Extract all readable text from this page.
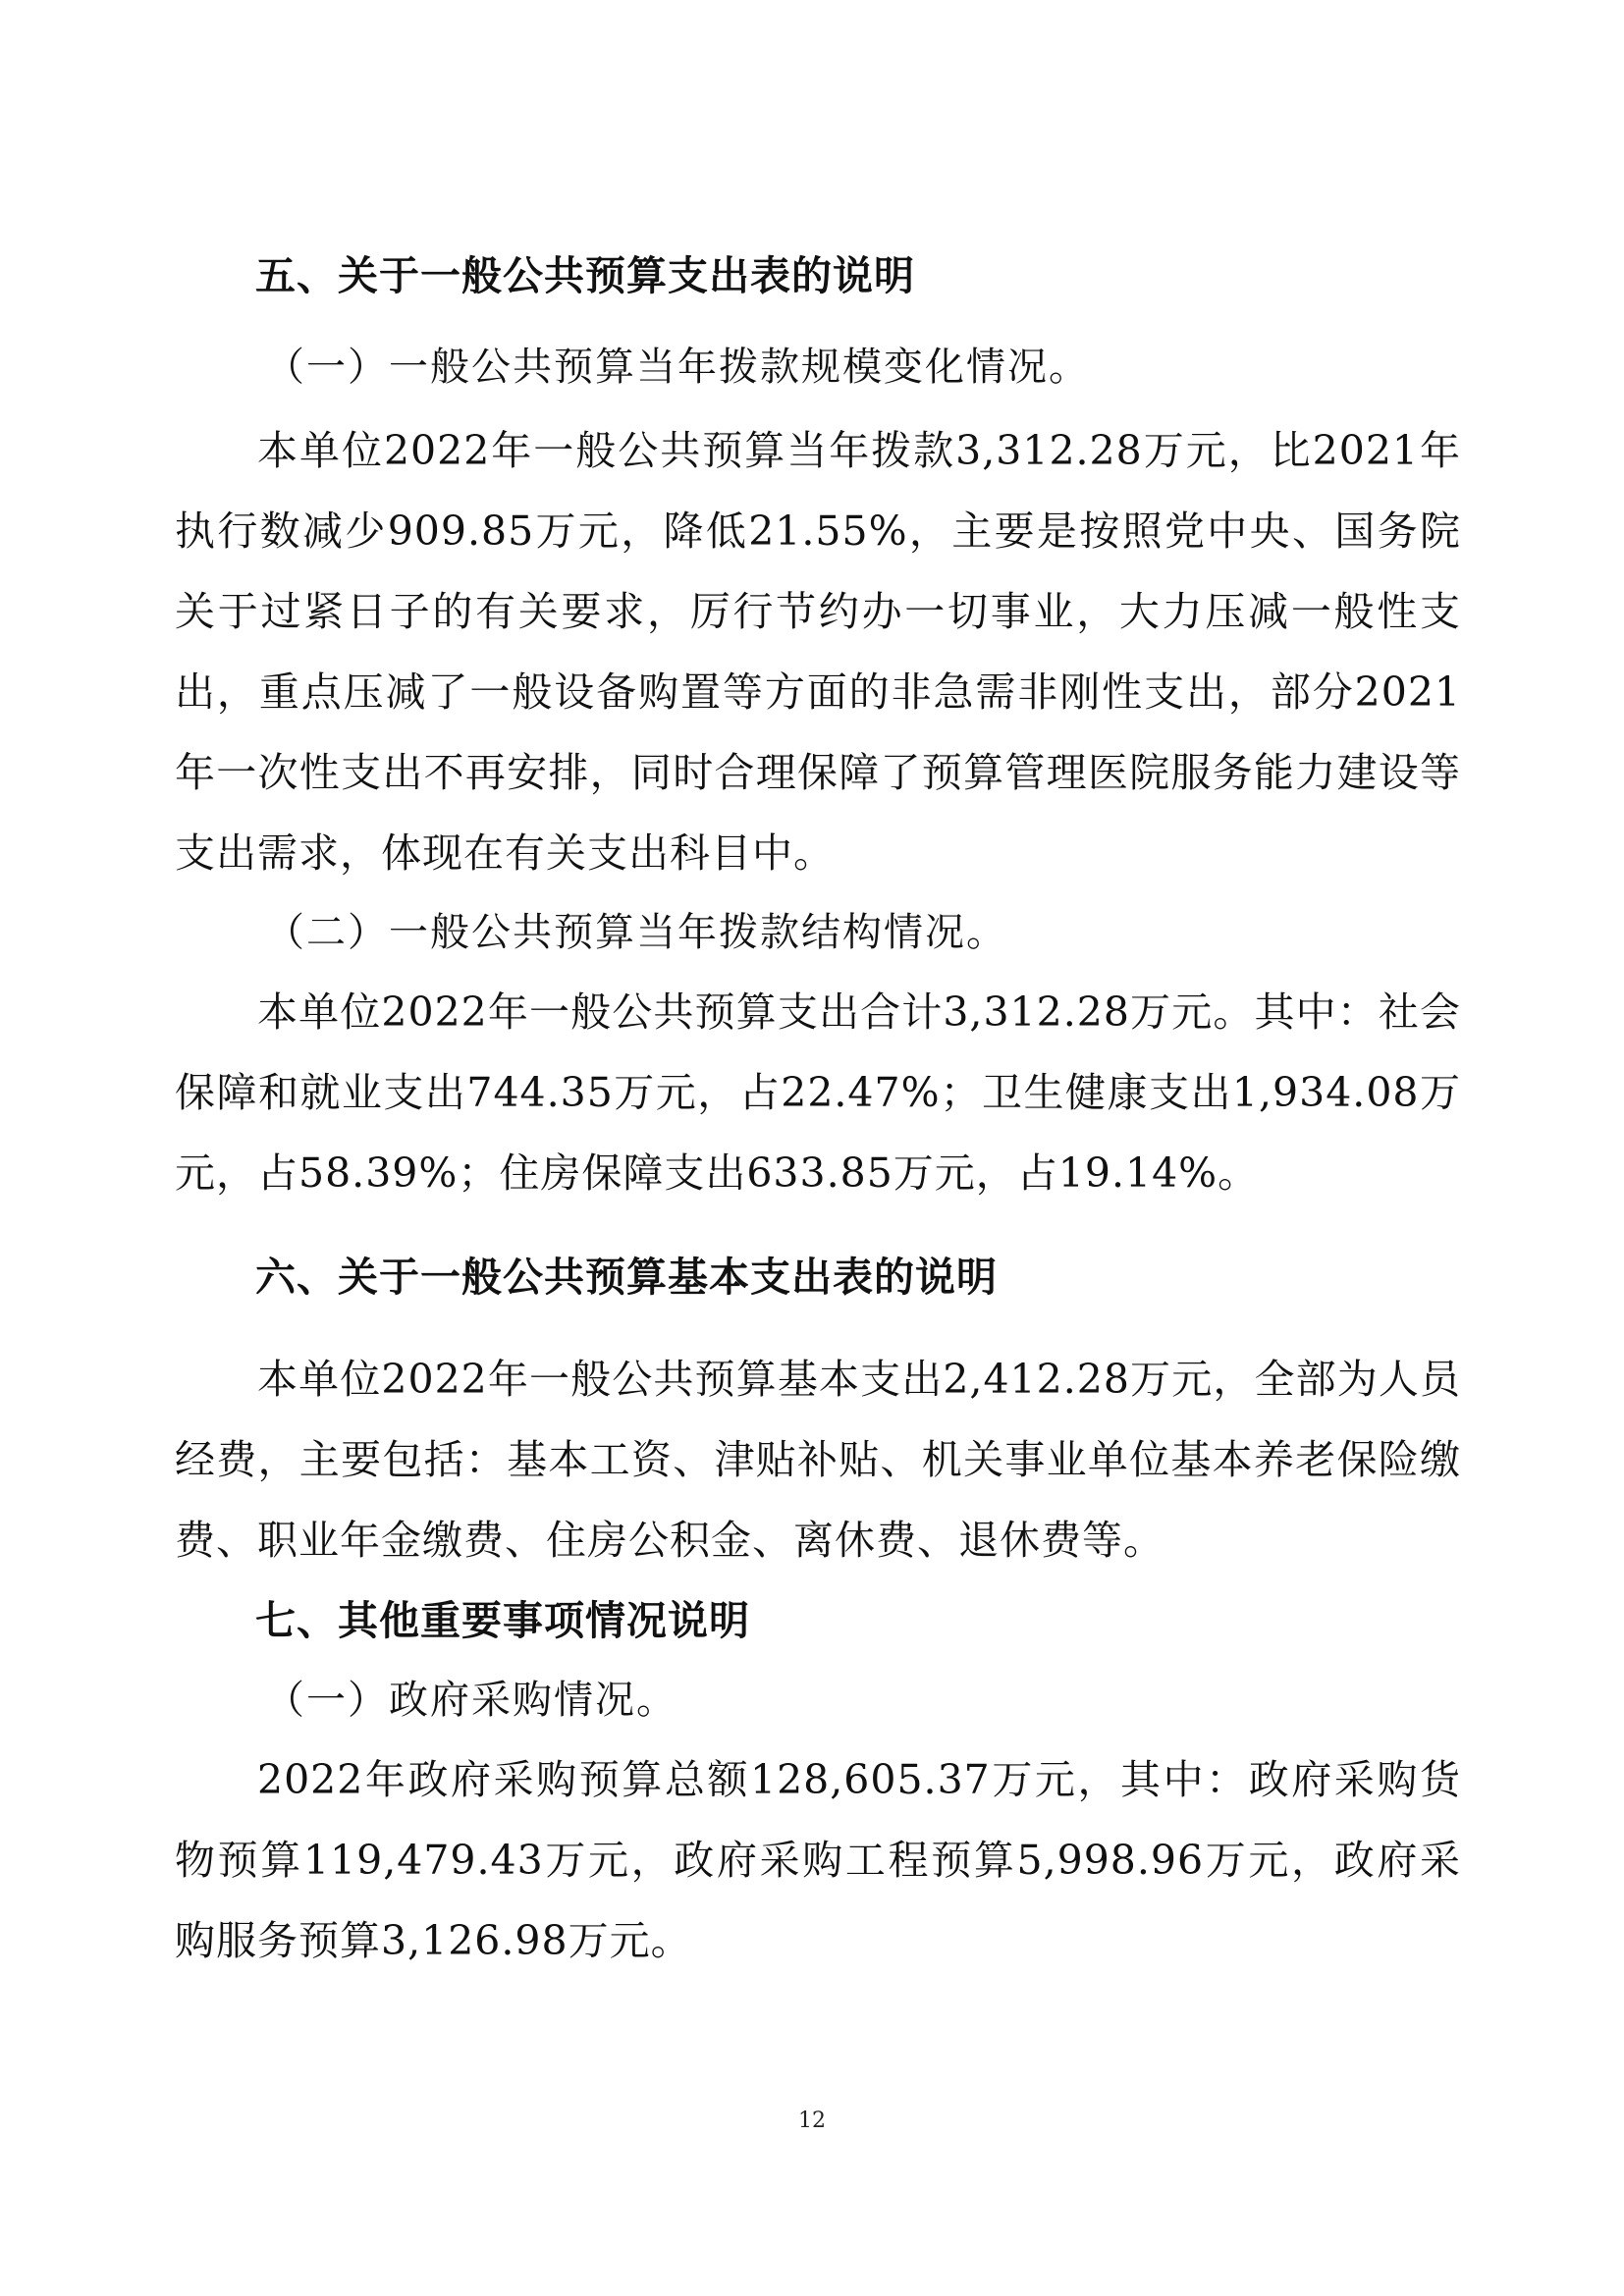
五、关于一般公共预算支出表的说明

（一）一般公共预算当年拨款规模变化情况。

本单位2022年一般公共预算当年拨款3,312.28万元，比2021年执行数减少909.85万元，降低21.55%，主要是按照党中央、国务院关于过紧日子的有关要求，厉行节约办一切事业，大力压减一般性支出，重点压减了一般设备购置等方面的非急需非刚性支出，部分2021年一次性支出不再安排，同时合理保障了预算管理医院服务能力建设等支出需求，体现在有关支出科目中。

（二）一般公共预算当年拨款结构情况。

本单位2022年一般公共预算支出合计3,312.28万元。其中：社会保障和就业支出744.35万元，占22.47%；卫生健康支出1,934.08万元，占58.39%；住房保障支出633.85万元，占19.14%。

六、关于一般公共预算基本支出表的说明

本单位2022年一般公共预算基本支出2,412.28万元，全部为人员经费，主要包括：基本工资、津贴补贴、机关事业单位基本养老保险缴费、职业年金缴费、住房公积金、离休费、退休费等。

七、其他重要事项情况说明

（一）政府采购情况。

2022年政府采购预算总额128,605.37万元，其中：政府采购货物预算119,479.43万元，政府采购工程预算5,998.96万元，政府采购服务预算3,126.98万元。

12
